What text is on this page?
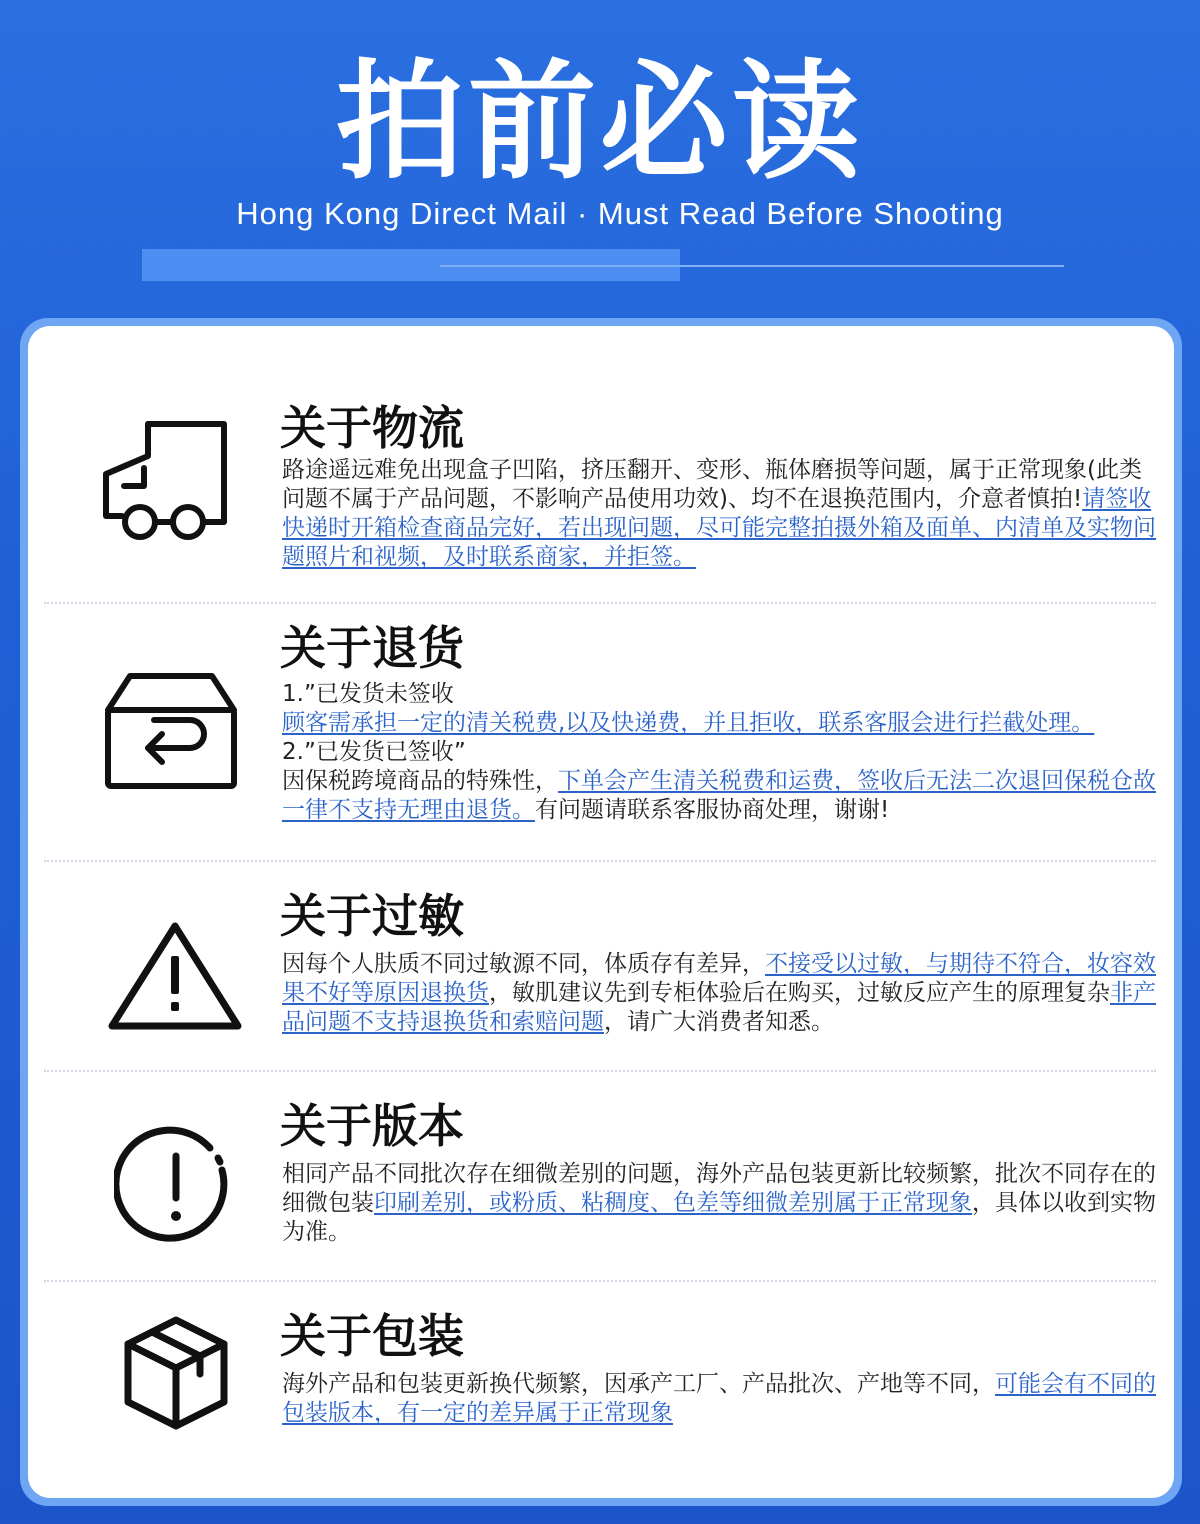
拍前必读
Hong Kong Direct Mail · Must Read Before Shooting
关于物流

路途遥远难免出现盒子凹陷，挤压翻开、变形、瓶体磨损等问题，属于正常现象(此类问题不属于产品问题，不影响产品使用功效)、均不在退换范围内，介意者慎拍!请签收快递时开箱检查商品完好，若出现问题，尽可能完整拍摄外箱及面单、内清单及实物问题照片和视频，及时联系商家，并拒签。

关于退货

1.”已发货未签收

顾客需承担一定的清关税费,以及快递费，并且拒收，联系客服会进行拦截处理。

2.”已发货已签收”

因保税跨境商品的特殊性，下单会产生清关税费和运费，签收后无法二次退回保税仓故一律不支持无理由退货。有问题请联系客服协商处理，谢谢!

关于过敏

因每个人肤质不同过敏源不同，体质存有差异，不接受以过敏，与期待不符合，妆容效果不好等原因退换货，敏肌建议先到专柜体验后在购买，过敏反应产生的原理复杂非产品问题不支持退换货和索赔问题，请广大消费者知悉。

关于版本

相同产品不同批次存在细微差别的问题，海外产品包装更新比较频繁，批次不同存在的细微包装印刷差别，或粉质、粘稠度、色差等细微差别属于正常现象，具体以收到实物为准。

关于包装

海外产品和包装更新换代频繁，因承产工厂、产品批次、产地等不同，可能会有不同的包装版本，有一定的差异属于正常现象
